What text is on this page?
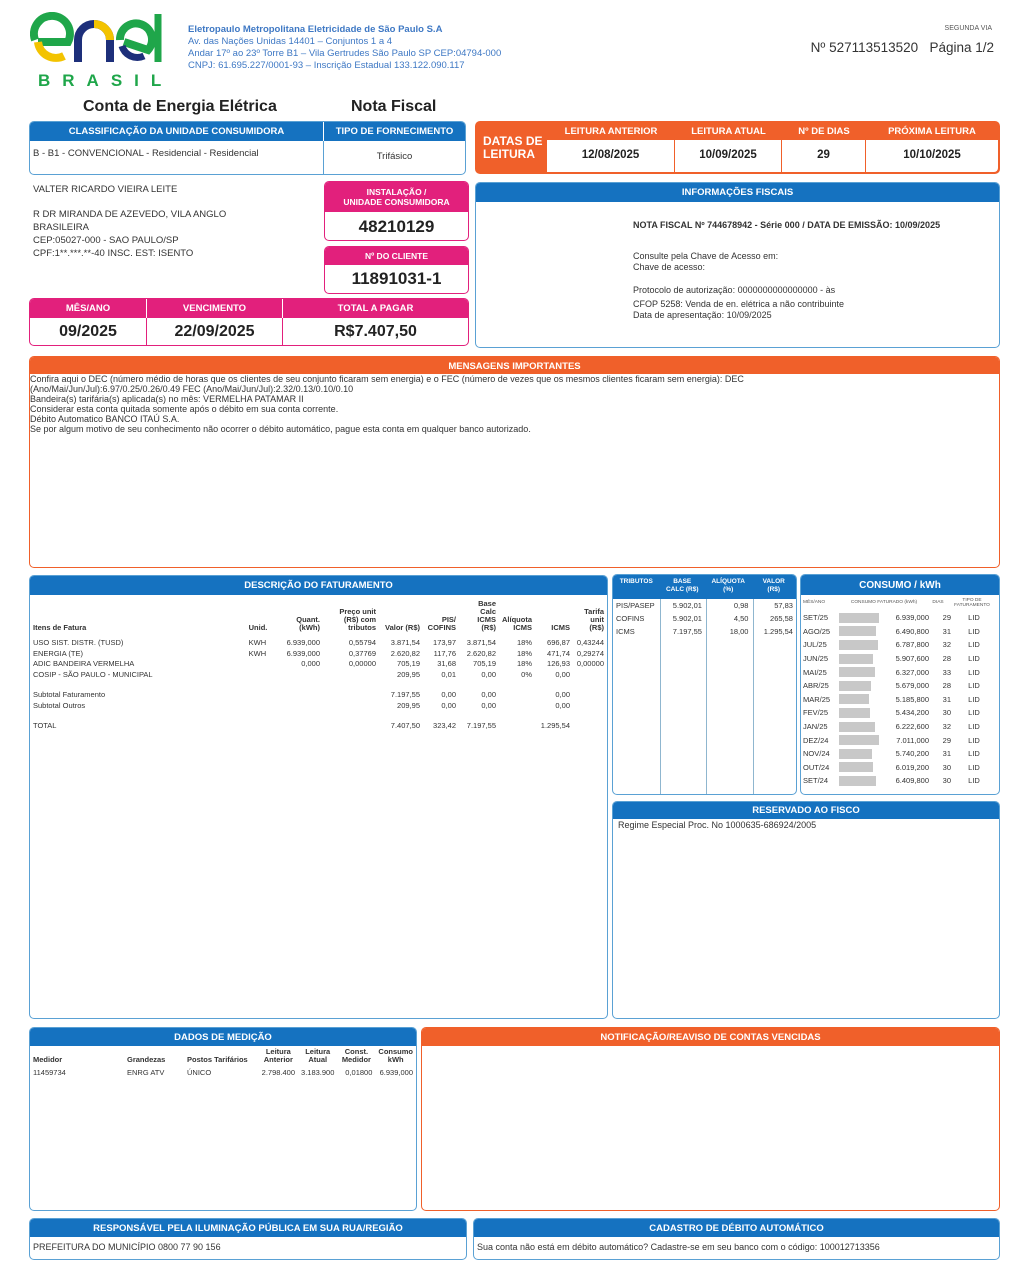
BRASIL
Eletropaulo Metropolitana Eletricidade de São Paulo S.A
Av. das Nações Unidas 14401 – Conjuntos 1 a 4
Andar 17º ao 23º Torre B1 – Vila Gertrudes São Paulo SP CEP:04794-000
CNPJ: 61.695.227/0001-93 – Inscrição Estadual 133.122.090.117
SEGUNDA VIA
Nº 527113513520 Página 1/2
Conta de Energia Elétrica	Nota Fiscal
CLASSIFICAÇÃO DA UNIDADE CONSUMIDORA	TIPO DE FORNECIMENTO
B - B1 - CONVENCIONAL - Residencial - Residencial	Trifásico
VALTER RICARDO VIEIRA LEITE
R DR MIRANDA DE AZEVEDO, VILA ANGLO
BRASILEIRA
CEP:05027-000 - SAO PAULO/SP
CPF:1**.***.**-40 INSC. EST: ISENTO
INSTALAÇÃO /
UNIDADE CONSUMIDORA
48210129
Nº DO CLIENTE
11891031-1
MÊS/ANO	VENCIMENTO	TOTAL A PAGAR
09/2025	22/09/2025	R$7.407,50
DATAS DE
LEITURA
LEITURA ANTERIOR
12/08/2025
LEITURA ATUAL
10/09/2025
Nº DE DIAS
29
PRÓXIMA LEITURA
10/10/2025
INFORMAÇÕES FISCAIS
NOTA FISCAL Nº 744678942 - Série 000 / DATA DE EMISSÃO: 10/09/2025
Consulte pela Chave de Acesso em:
Chave de acesso:
Protocolo de autorização: 0000000000000000 - às
CFOP 5258: Venda de en. elétrica a não contribuinte
Data de apresentação: 10/09/2025
MENSAGENS IMPORTANTES
Confira aqui o DEC (número médio de horas que os clientes de seu conjunto ficaram sem energia) e o FEC (número de vezes que os mesmos clientes ficaram sem energia): DEC
(Ano/Mai/Jun/Jul):6.97/0.25/0.26/0.49 FEC (Ano/Mai/Jun/Jul):2.32/0.13/0.10/0.10
Bandeira(s) tarifária(s) aplicada(s) no mês: VERMELHA PATAMAR II
Considerar esta conta quitada somente após o débito em sua conta corrente.
Débito Automatico BANCO ITAÚ S.A.
Se por algum motivo de seu conhecimento não ocorrer o débito automático, pague esta conta em qualquer banco autorizado.
DESCRIÇÃO DO FATURAMENTO
Itens de Fatura	Unid.	Quant. (kWh)	Preço unit (R$) com tributos	Valor (R$)	PIS/ COFINS	Base Calc ICMS (R$)	Alíquota ICMS	ICMS	Tarifa unit (R$)
USO SIST. DISTR. (TUSD)	KWH	6.939,000	0,55794	3.871,54	173,97	3.871,54	18%	696,87	0,43244
ENERGIA (TE)	KWH	6.939,000	0,37769	2.620,82	117,76	2.620,82	18%	471,74	0,29274
ADIC BANDEIRA VERMELHA		0,000	0,00000	705,19	31,68	705,19	18%	126,93	0,00000
COSIP - SÃO PAULO - MUNICIPAL				209,95	0,01	0,00	0%	0,00	

Subtotal Faturamento				7.197,55	0,00	0,00		0,00	
Subtotal Outros				209,95	0,00	0,00		0,00	

TOTAL				7.407,50	323,42	7.197,55		1.295,54	
TRIBUTOS	BASE CALC (R$)
ALÍQUOTA (%)
VALOR (R$)
PIS/PASEP	5.902,01	0,98	57,83
COFINS	5.902,01	4,50	265,58
ICMS	7.197,55	18,00	1.295,54
CONSUMO / kWh
MÊS/ANO	CONSUMO FATURADO (kWh)	DIAS
TIPO DE FATURAMENTO
SET/25	6.939,000	29	LID
AGO/25	6.490,800	31	LID
JUL/25	6.787,800	32	LID
JUN/25	5.907,600	28	LID
MAI/25	6.327,000	33	LID
ABR/25	5.679,000	28	LID
MAR/25	5.185,800	31	LID
FEV/25	5.434,200	30	LID
JAN/25	6.222,600	32	LID
DEZ/24	7.011,000	29	LID
NOV/24	5.740,200	31	LID
OUT/24	6.019,200	30	LID
SET/24	6.409,800	30	LID
RESERVADO AO FISCO
Regime Especial Proc. No 1000635-686924/2005
DADOS DE MEDIÇÃO
Medidor	Grandezas	Postos Tarifários	Leitura Anterior	Leitura Atual	Const. Medidor	Consumo kWh
11459734	ENRG ATV	ÚNICO	2.798.400	3.183.900	0,01800	6.939,000
NOTIFICAÇÃO/REAVISO DE CONTAS VENCIDAS
RESPONSÁVEL PELA ILUMINAÇÃO PÚBLICA EM SUA RUA/REGIÃO
PREFEITURA DO MUNICÍPIO 0800 77 90 156
CADASTRO DE DÉBITO AUTOMÁTICO
Sua conta não está em débito automático? Cadastre-se em seu banco com o código: 100012713356
